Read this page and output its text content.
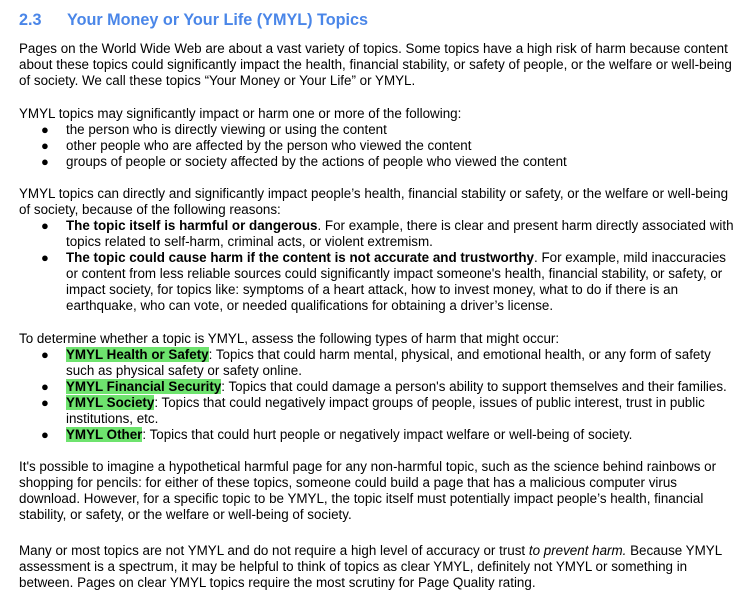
2.3 Your Money or Your Life (YMYL) Topics

Pages on the World Wide Web are about a vast variety of topics. Some topics have a high risk of harm because content about these topics could significantly impact the health, financial stability, or safety of people, or the welfare or well-being of society. We call these topics “Your Money or Your Life” or YMYL.

YMYL topics may significantly impact or harm one or more of the following:

● the person who is directly viewing or using the content
● other people who are affected by the person who viewed the content
● groups of people or society affected by the actions of people who viewed the content

YMYL topics can directly and significantly impact people’s health, financial stability or safety, or the welfare or well-being of society, because of the following reasons:

● The topic itself is harmful or dangerous. For example, there is clear and present harm directly associated with topics related to self-harm, criminal acts, or violent extremism.
● The topic could cause harm if the content is not accurate and trustworthy. For example, mild inaccuracies or content from less reliable sources could significantly impact someone's health, financial stability, or safety, or impact society, for topics like: symptoms of a heart attack, how to invest money, what to do if there is an earthquake, who can vote, or needed qualifications for obtaining a driver’s license.

To determine whether a topic is YMYL, assess the following types of harm that might occur:

● YMYL Health or Safety: Topics that could harm mental, physical, and emotional health, or any form of safety such as physical safety or safety online.
● YMYL Financial Security: Topics that could damage a person's ability to support themselves and their families.
● YMYL Society: Topics that could negatively impact groups of people, issues of public interest, trust in public institutions, etc.
● YMYL Other: Topics that could hurt people or negatively impact welfare or well-being of society.

It's possible to imagine a hypothetical harmful page for any non-harmful topic, such as the science behind rainbows or shopping for pencils: for either of these topics, someone could build a page that has a malicious computer virus download. However, for a specific topic to be YMYL, the topic itself must potentially impact people’s health, financial stability, or safety, or the welfare or well-being of society.

Many or most topics are not YMYL and do not require a high level of accuracy or trust to prevent harm. Because YMYL assessment is a spectrum, it may be helpful to think of topics as clear YMYL, definitely not YMYL or something in between. Pages on clear YMYL topics require the most scrutiny for Page Quality rating.
